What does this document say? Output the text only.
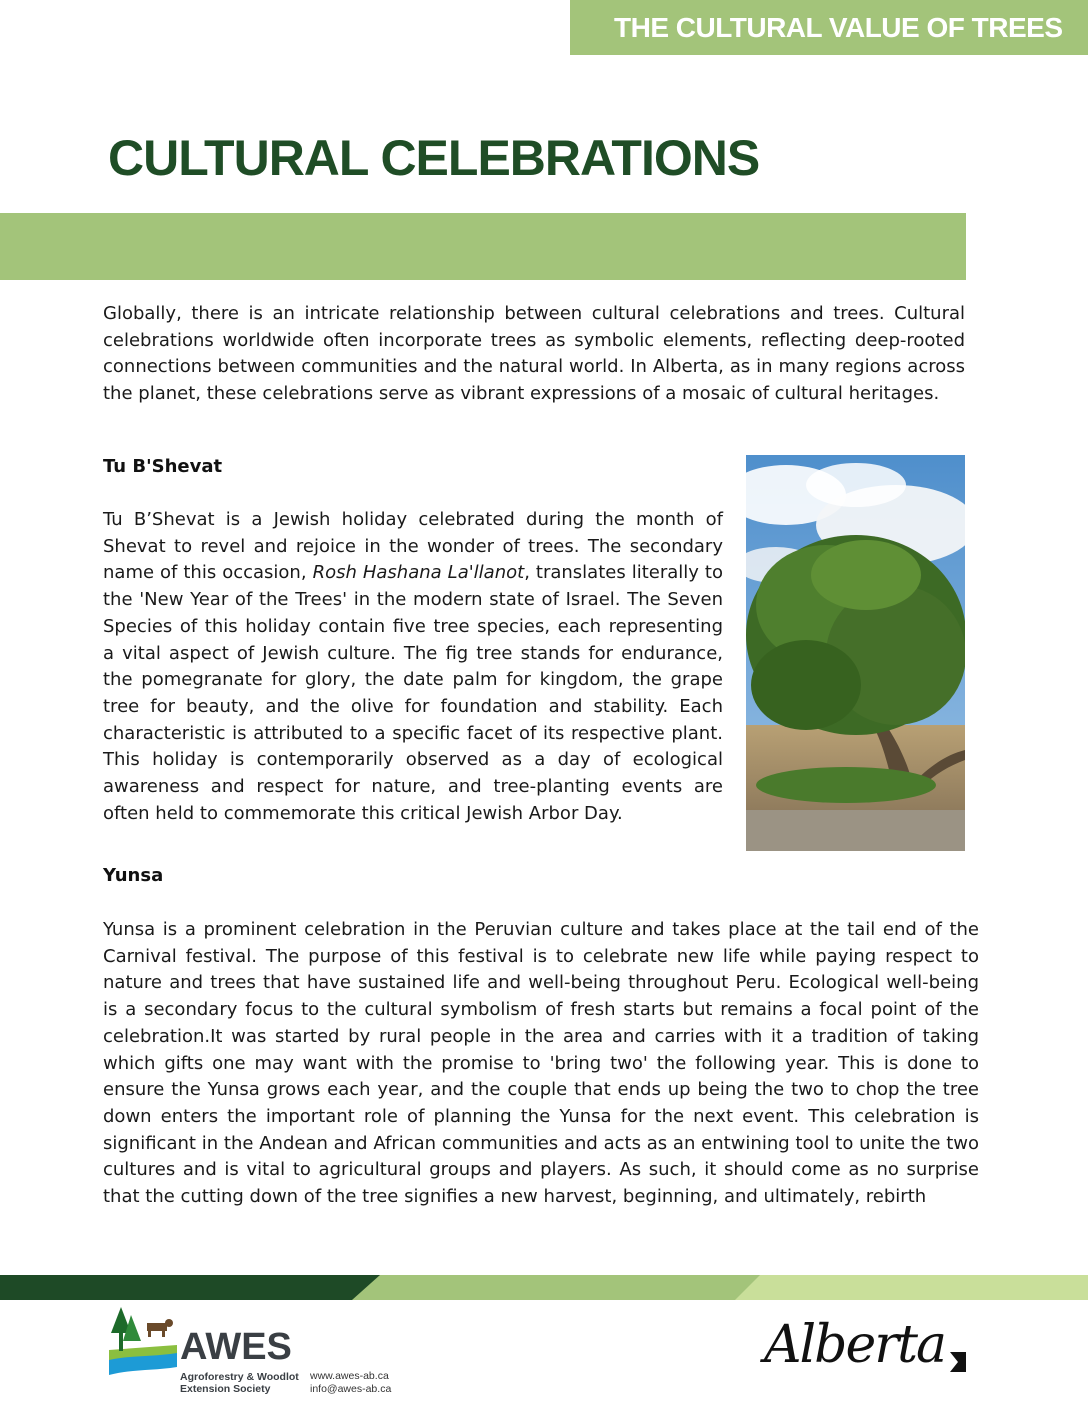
THE CULTURAL VALUE OF TREES
CULTURAL CELEBRATIONS

Globally, there is an intricate relationship between cultural celebrations and trees. Cultural celebrations worldwide often incorporate trees as symbolic elements, reflecting deep-rooted connections between communities and the natural world. In Alberta, as in many regions across the planet, these celebrations serve as vibrant expressions of a mosaic of cultural heritages.

Tu B'Shevat

Tu B’Shevat is a Jewish holiday celebrated during the month of Shevat to revel and rejoice in the wonder of trees. The secondary name of this occasion, Rosh Hashana La'llanot, translates literally to the 'New Year of the Trees' in the modern state of Israel. The Seven Species of this holiday contain five tree species, each representing a vital aspect of Jewish culture. The fig tree stands for endurance, the pomegranate for glory, the date palm for kingdom, the grape tree for beauty, and the olive for foundation and stability. Each characteristic is attributed to a specific facet of its respective plant. This holiday is contemporarily observed as a day of ecological awareness and respect for nature, and tree-planting events are often held to commemorate this critical Jewish Arbor Day.

Yunsa

Yunsa is a prominent celebration in the Peruvian culture and takes place at the tail end of the Carnival festival. The purpose of this festival is to celebrate new life while paying respect to nature and trees that have sustained life and well-being throughout Peru. Ecological well-being is a secondary focus to the cultural symbolism of fresh starts but remains a focal point of the celebration.It was started by rural people in the area and carries with it a tradition of taking which gifts one may want with the promise to 'bring two' the following year. This is done to ensure the Yunsa grows each year, and the couple that ends up being the two to chop the tree down enters the important role of planning the Yunsa for the next event. This celebration is significant in the Andean and African communities and acts as an entwining tool to unite the two cultures and is vital to agricultural groups and players. As such, it should come as no surprise that the cutting down of the tree signifies a new harvest, beginning, and ultimately, rebirth

AWES

Agroforestry & Woodlot Extension Society

www.awes-ab.ca
info@awes-ab.ca

Alberta
